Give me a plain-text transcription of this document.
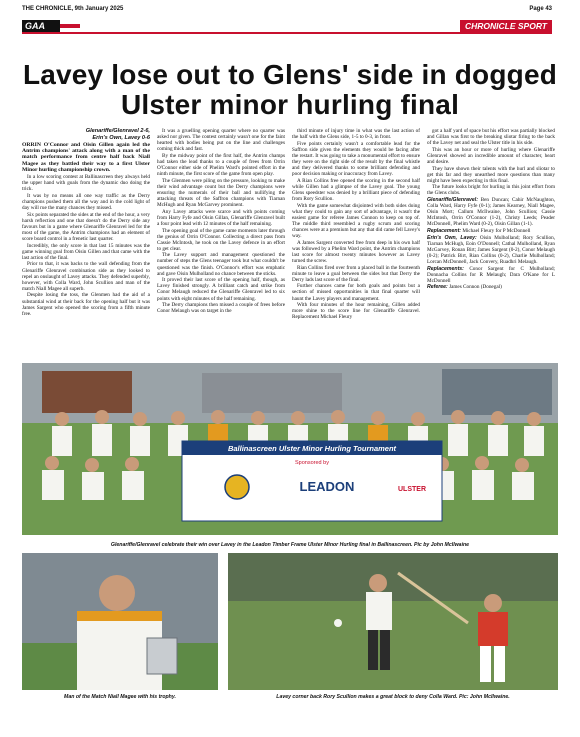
THE CHRONICLE, 9th January 2025	Page 43
GAA	CHRONICLE SPORT
Lavey lose out to Glens' side in dogged Ulster minor hurling final

Glenariffe/Glenravel 2-6,

Erin's Own, Lavey 0-6

ORRIN O'Connor and Oisin Gillen again led the Antrim champions' attack along with a man of the match performance from centre half back Niall Magee as they battled their way to a first Ulster Minor hurling championship crown.

In a low scoring contest at Ballinascreen they always held the upper hand with goals from the dynamic duo doing the trick.

It was by no means all one way traffic as the Derry champions pushed them all the way and in the cold light of day will rue the many chances they missed.

Six points separated the sides at the end of the hour, a very harsh reflection and one that doesn't do the Derry side any favours but in a game where Glenariffe Glenravel led for the most of the game, the Antrim champions had an element of score board control in a frenetic last quarter.

Incredibly, the only score in that last 15 minutes was the game winning goal from Oisin Gillen and that came with the last action of the final.

Prior to that, it was backs to the wall defending from the Glenariffe Glenravel combination side as they looked to repel an onslaught of Lavey attacks. They defended superbly, however, with Colla Ward, John Scullion and man of the match Niall Magee all superb.

Despite losing the toss, the Glenmen had the aid of a substantial wind at their back for the opening half but it was James Sargent who opened the scoring from a fifth minute free.

It was a gruelling opening quarter where no quarter was asked nor given. The contest certainly wasn't one for the faint hearted with bodies being put on the line and challenges coming thick and fast.

By the midway point of the first half, the Antrim champs had taken the lead thanks to a couple of frees from Orrin O'Connor either side of Phelim Ward's pointed effort in the ninth minute, the first score of the game from open play.

The Glenmen were piling on the pressure, looking to make their wind advantage count but the Derry champions were ensuring the numerals of their ball and nullifying the attacking threats of the Saffron champions with Tiarnan McHugh and Ryan McGarvey prominent.

Any Lavey attacks were scarce and with points coming from Harry Fyfe and Oisin Gillan, Glenariffe Glenravel built a four point lead with 12 minutes of the half remaining.

The opening goal of the game came moments later through the genius of Orrin O'Connor. Collecting a direct pass from Cassie McIntosh, he took on the Lavey defence in an effort to get clear.

The Lavey support and management questioned the number of steps the Glens teenager took but what couldn't be questioned was the finish. O'Connor's effort was emphatic and gave Oisin Mulholland no chance between the sticks.

It proved their last score of the opening half, though, as Lavey finished strongly. A brilliant catch and strike from Conor Melaugh reduced the Glenariffe Glenravel led to six points with eight minutes of the half remaining.

The Derry champions then missed a couple of frees before Conor Melaugh was on target in the

third minute of injury time in what was the last action of the half with the Glens side, 1-5 to 0-3, in front.

Five points certainly wasn't a comfortable lead for the Saffron side given the elements they would be facing after the restart. It was going to take a monumental effort to ensure they were on the right side of the result by the final whistle and they delivered thanks to some brilliant defending and poor decision making or inaccuracy from Lavey.

A Rian Collins free opened the scoring in the second half while Gillen had a glimpse of the Lavey goal. The young Glens speedster was denied by a brilliant piece of defending from Rory Scullion.

With the game somewhat disjointed with both sides doing what they could to gain any sort of advantage, it wasn't the easiest game for referee James Connon to keep on top of. The middle third resembled a rugby scrum and scoring chances were at a premium but any that did came fell Lavey's way.

A James Sargent converted free from deep in his own half was followed by a Phelim Ward point, the Antrim champions last score for almost twenty minutes however as Lavey turned the screw.

Rian Collins fired over from a placed ball in the fourteenth minute to leave a goal between the sides but that Derry the Derry lads last score of the final.

Further chances came for both goals and points but a section of missed opportunities in that final quarter will haunt the Lavey players and management.

With four minutes of the hour remaining, Gillen added more shine to the score line for Glenariffe Glenravel. Replacement Michael Fleury

got a half yard of space but his effort was partially blocked and Gillan was first to the breaking sliotar firing to the back of the Lavey net and seal the Ulster title in his side.

This was an hour or more of hurling where Glenariffe Glenravel showed an incredible amount of character, heart and desire.

They have shown their talents with the hurl and sliotar to get this far and they unearthed more questions than many might have been expecting in this final.

The future looks bright for hurling in this joint effort from the Glens clubs.

Glenariffe/Glenravel: Ben Duncan; Cahir McNaughton, Colla Ward, Harry Fyfe (0-1); James Kearney, Niall Magee, Oisin Mort; Callum McIlwaine, John Scullion; Cassie McIntosh, Orrin O'Connor (1-2), Christy Leeds; Peader McDonnell, Phelim Ward (0-2), Oisin Gillan (1-1).

Replacement: Michael Fleury for P McDonnell

Erin's Own, Lavey: Oisin Mulholland; Rory Scullion, Tiarnan McHugh, Eoin O'Donnell; Cathal Mulholland, Ryan McGarvey, Ronan Birt; James Sargent (0-2), Conor Melaugh (0-2); Patrick Birt, Rian Collins (0-2), Charlie Mulholland; Lorcan McDonnell, Jack Convery, Ruadhri Melaugh.

Replacements: Conor Sargent for C Mulholland; Donnacha Collins for R Melaugh; Dara O'Kane for L McDonnell

Referee: James Connon (Donegal)

Ballinascreen Ulster Minor Hurling Tournament
Sponsored by
LEADON	ULSTER
Glenariffe/Glenravel celebrate their win over Lavey in the Leadon Timber Frame Ulster Minor Hurling final in Ballinascreen. Pic by John McIlwaine
Man of the Match Niall Magee with his trophy.	Lavey corner back Rory Scullion makes a great block to deny Colla Ward. Pic: John McIlwaine.
